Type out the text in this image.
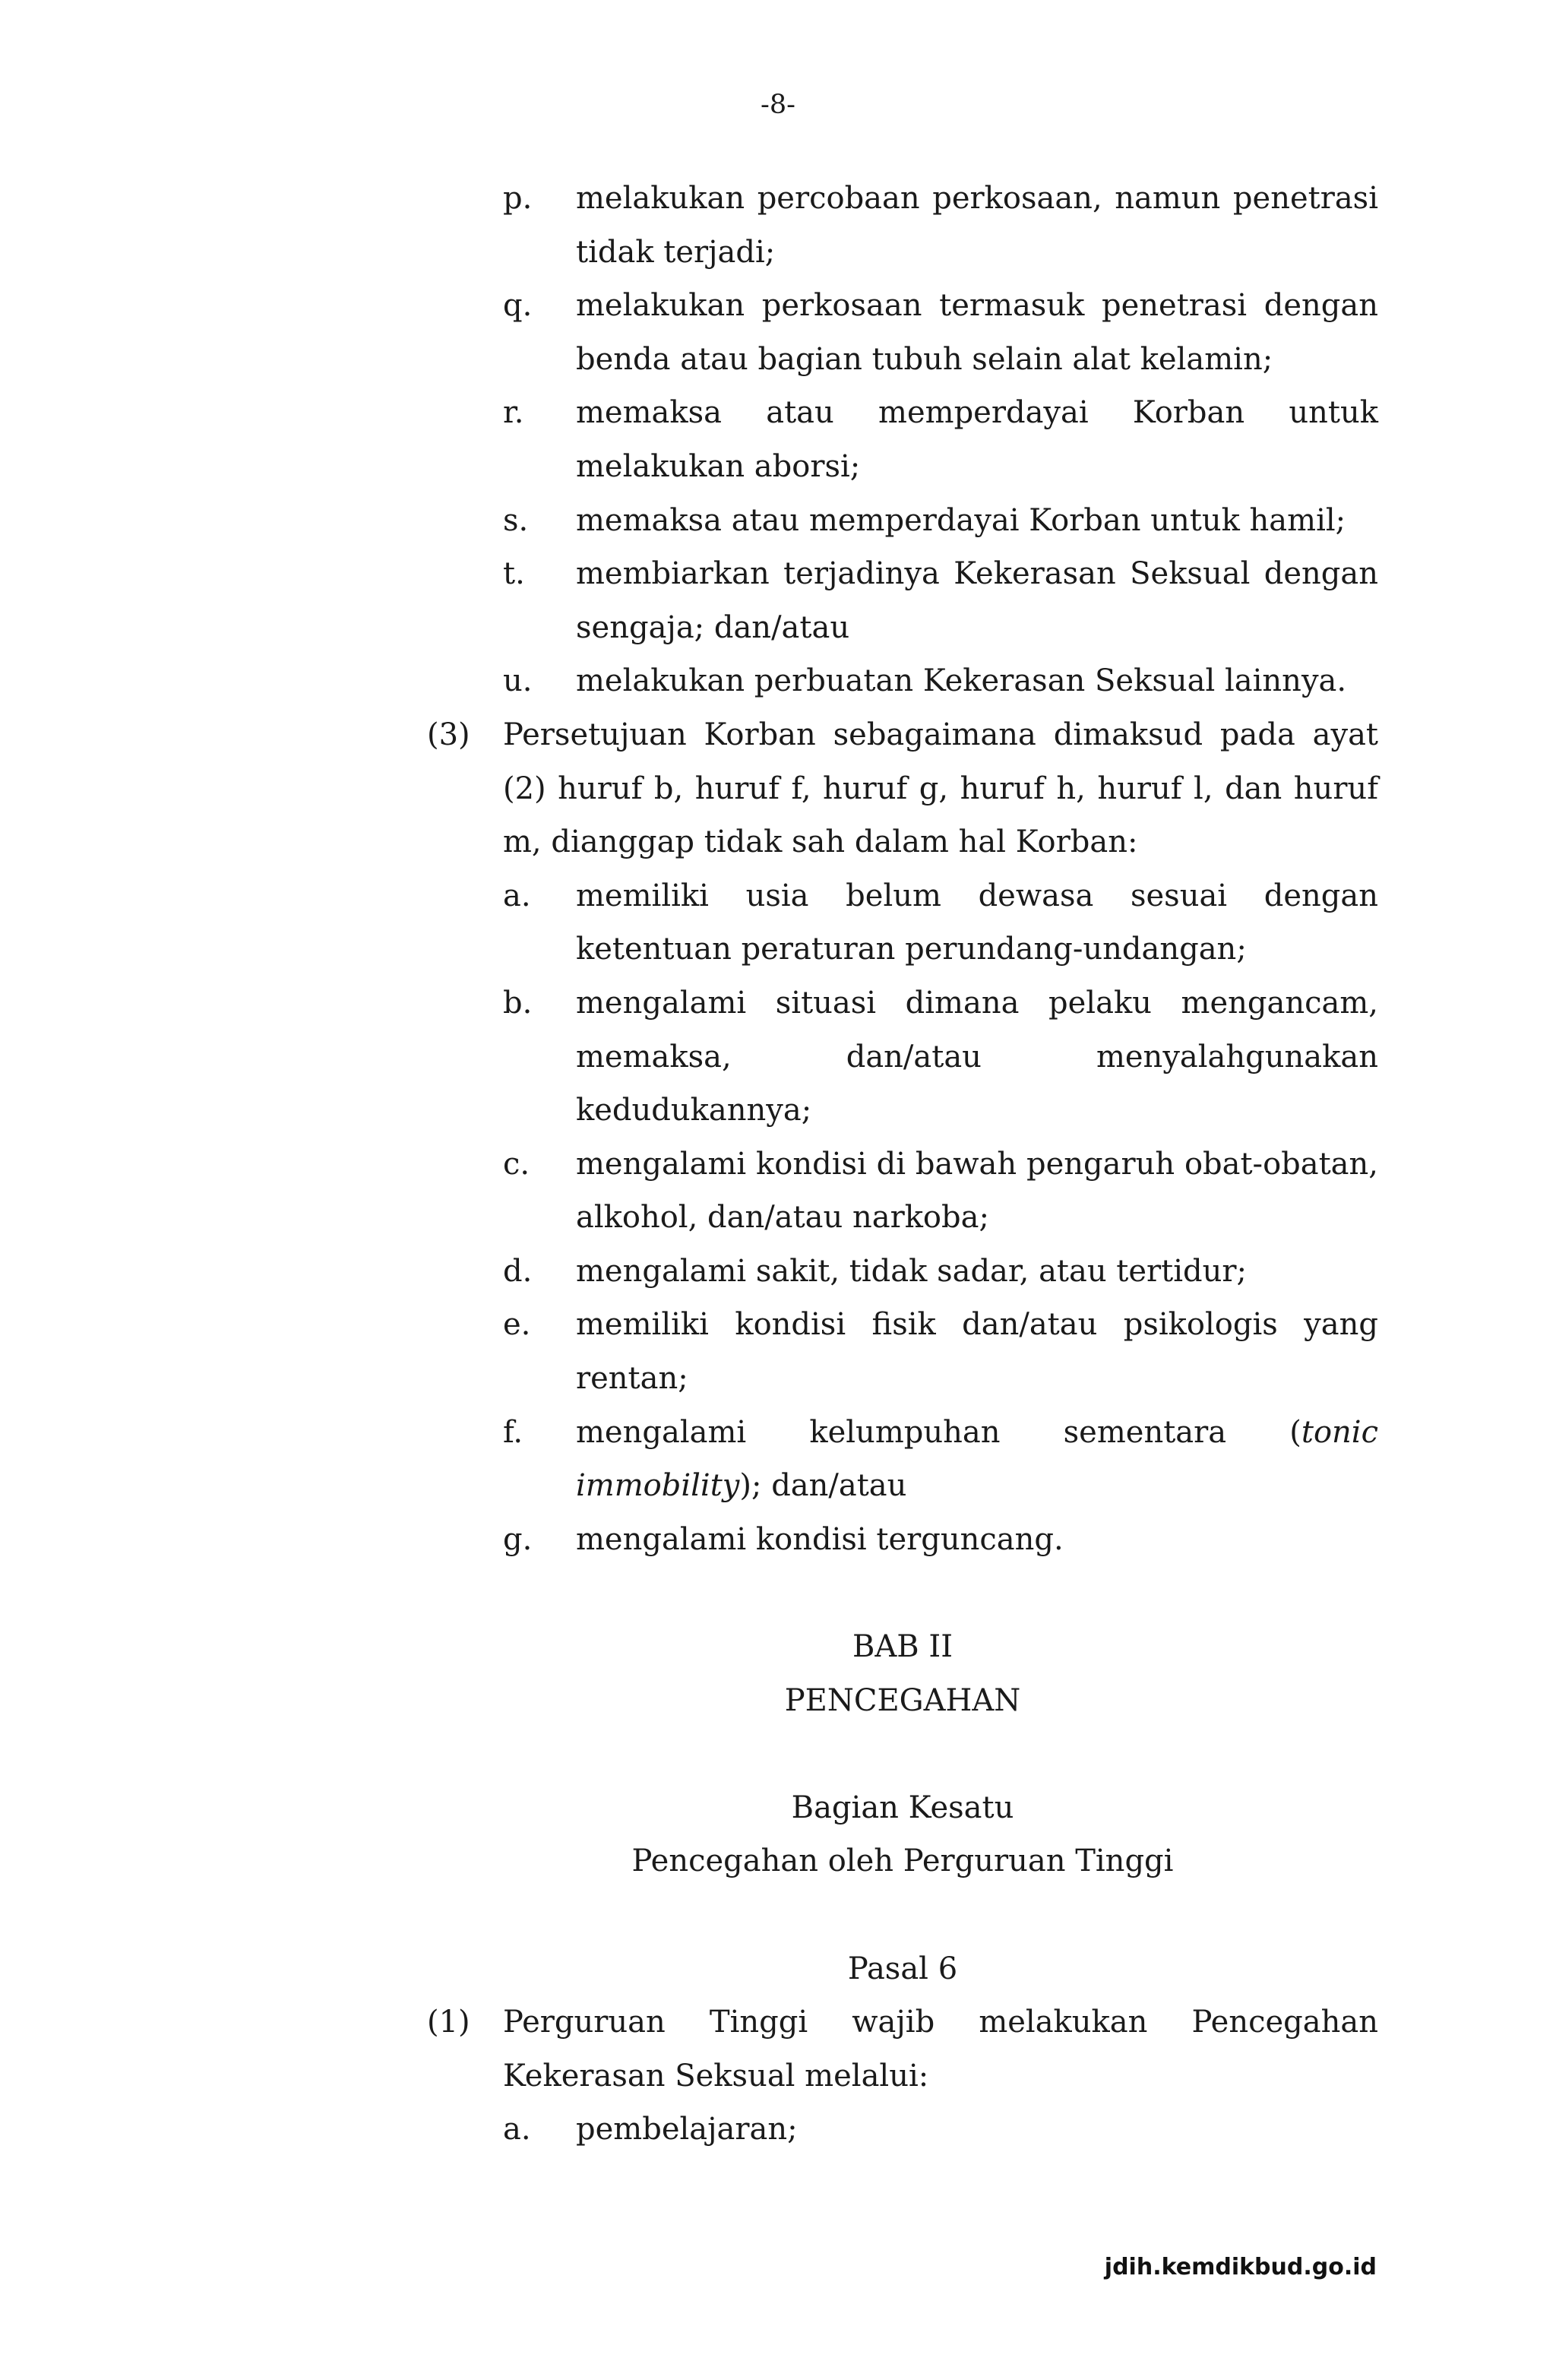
-8-
p.	melakukan percobaan perkosaan, namun penetrasi tidak terjadi;
q.	melakukan perkosaan termasuk penetrasi dengan benda atau bagian tubuh selain alat kelamin;
r.	memaksa atau memperdayai Korban untuk melakukan aborsi;
s.	memaksa atau memperdayai Korban untuk hamil;
t.	membiarkan terjadinya Kekerasan Seksual dengan sengaja; dan/atau
u.	melakukan perbuatan Kekerasan Seksual lainnya.
(3)	Persetujuan Korban sebagaimana dimaksud pada ayat (2) huruf b, huruf f, huruf g, huruf h, huruf l, dan huruf m, dianggap tidak sah dalam hal Korban:
a.	memiliki usia belum dewasa sesuai dengan ketentuan peraturan perundang-undangan;
b.	mengalami situasi dimana pelaku mengancam, memaksa, dan/atau menyalahgunakan kedudukannya;
c.	mengalami kondisi di bawah pengaruh obat-obatan, alkohol, dan/atau narkoba;
d.	mengalami sakit, tidak sadar, atau tertidur;
e.	memiliki kondisi fisik dan/atau psikologis yang rentan;
f.	mengalami kelumpuhan sementara (tonic immobility); dan/atau
g.	mengalami kondisi terguncang.
BAB II
PENCEGAHAN
Bagian Kesatu
Pencegahan oleh Perguruan Tinggi
Pasal 6
(1)	Perguruan Tinggi wajib melakukan Pencegahan Kekerasan Seksual melalui:
a.	pembelajaran;
jdih.kemdikbud.go.id
